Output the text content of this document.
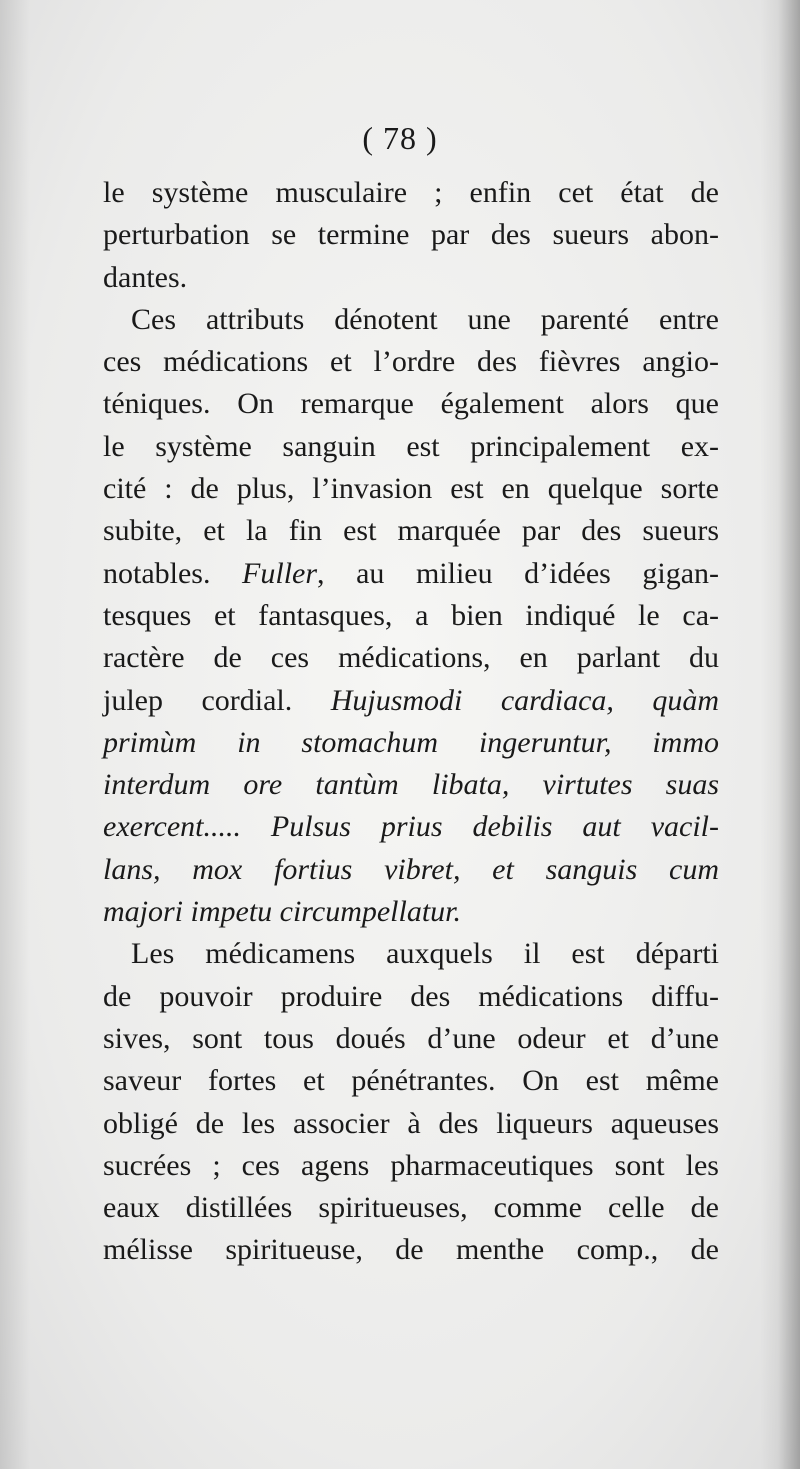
( 78 )
le système musculaire ; enfin cet état de
perturbation se termine par des sueurs abon-
dantes.
Ces attributs dénotent une parenté entre
ces médications et l’ordre des fièvres angio-
téniques. On remarque également alors que
le système sanguin est principalement ex-
cité : de plus, l’invasion est en quelque sorte
subite, et la fin est marquée par des sueurs
notables. Fuller, au milieu d’idées gigan-
tesques et fantasques, a bien indiqué le ca-
ractère de ces médications, en parlant du
julep cordial. Hujusmodi cardiaca, quàm
primùm in stomachum ingeruntur, immo
interdum ore tantùm libata, virtutes suas
exercent..... Pulsus prius debilis aut vacil-
lans, mox fortius vibret, et sanguis cum
majori impetu circumpellatur.
Les médicamens auxquels il est départi
de pouvoir produire des médications diffu-
sives, sont tous doués d’une odeur et d’une
saveur fortes et pénétrantes. On est même
obligé de les associer à des liqueurs aqueuses
sucrées ; ces agens pharmaceutiques sont les
eaux distillées spiritueuses, comme celle de
mélisse spiritueuse, de menthe comp., de
